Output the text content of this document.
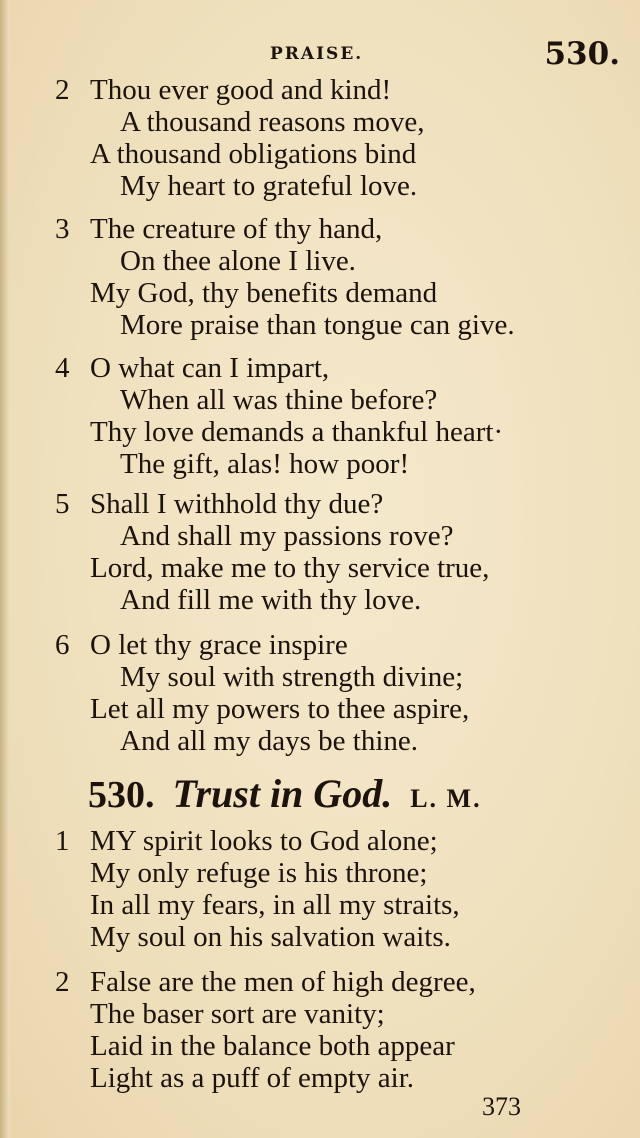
PRAISE.	530.
2 Thou ever good and kind!
A thousand reasons move,
A thousand obligations bind
My heart to grateful love.
3 The creature of thy hand,
On thee alone I live.
My God, thy benefits demand
More praise than tongue can give.
4 O what can I impart,
When all was thine before?
Thy love demands a thankful heart·
The gift, alas! how poor!
5 Shall I withhold thy due?
And shall my passions rove?
Lord, make me to thy service true,
And fill me with thy love.
6 O let thy grace inspire
My soul with strength divine;
Let all my powers to thee aspire,
And all my days be thine.
530. Trust in God. L. M.
1 MY spirit looks to God alone;
My only refuge is his throne;
In all my fears, in all my straits,
My soul on his salvation waits.
2 False are the men of high degree,
The baser sort are vanity;
Laid in the balance both appear
Light as a puff of empty air.
373
